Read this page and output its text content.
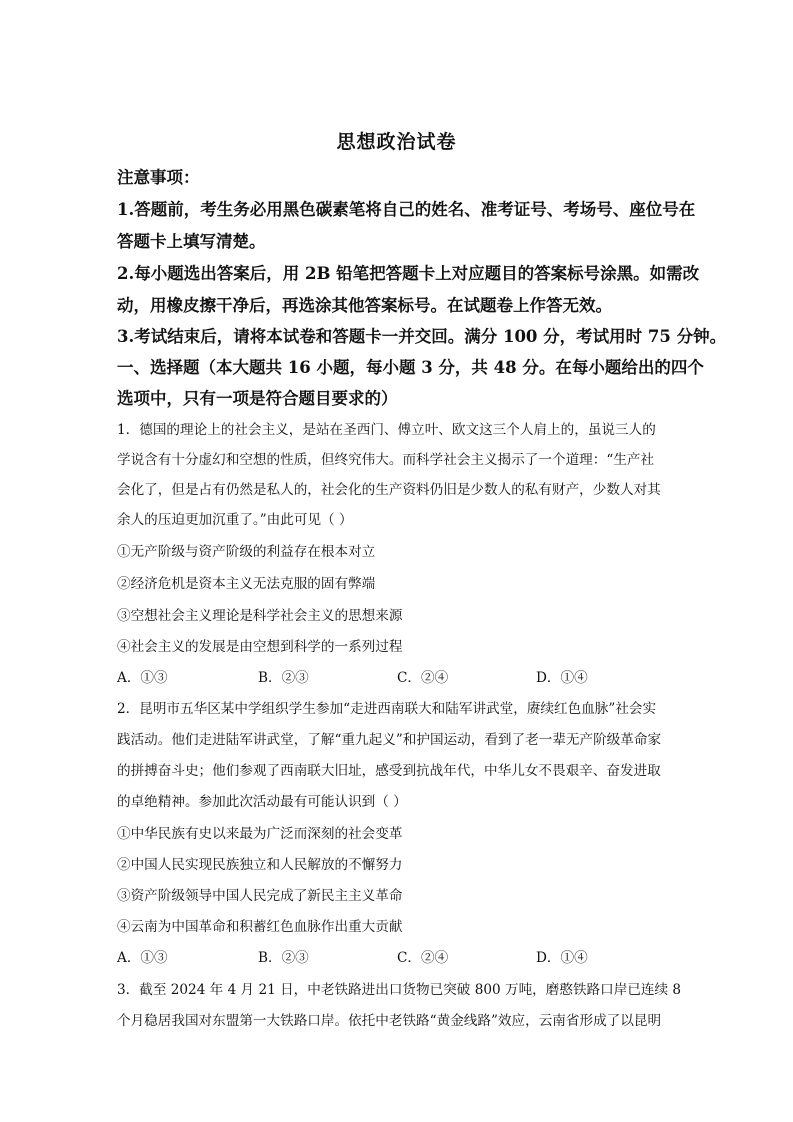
思想政治试卷
注意事项：
1.答题前，考生务必用黑色碳素笔将自己的姓名、准考证号、考场号、座位号在
答题卡上填写清楚。
2.每小题选出答案后，用 2B 铅笔把答题卡上对应题目的答案标号涂黑。如需改
动，用橡皮擦干净后，再选涂其他答案标号。在试题卷上作答无效。
3.考试结束后，请将本试卷和答题卡一并交回。满分 100 分，考试用时 75 分钟。
一、选择题（本大题共 16 小题，每小题 3 分，共 48 分。在每小题给出的四个
选项中，只有一项是符合题目要求的）
1．德国的理论上的社会主义，是站在圣西门、傅立叶、欧文这三个人肩上的，虽说三人的
学说含有十分虚幻和空想的性质，但终究伟大。而科学社会主义揭示了一个道理：“生产社
会化了，但是占有仍然是私人的，社会化的生产资料仍旧是少数人的私有财产，少数人对其
余人的压迫更加沉重了。”由此可见（ ）
①无产阶级与资产阶级的利益存在根本对立
②经济危机是资本主义无法克服的固有弊端
③空想社会主义理论是科学社会主义的思想来源
④社会主义的发展是由空想到科学的一系列过程
A．①③	B．②③	C．②④	D．①④
2．昆明市五华区某中学组织学生参加“走进西南联大和陆军讲武堂，赓续红色血脉”社会实
践活动。他们走进陆军讲武堂，了解“重九起义”和护国运动，看到了老一辈无产阶级革命家
的拼搏奋斗史；他们参观了西南联大旧址，感受到抗战年代，中华儿女不畏艰辛、奋发进取
的卓绝精神。参加此次活动最有可能认识到（ ）
①中华民族有史以来最为广泛而深刻的社会变革
②中国人民实现民族独立和人民解放的不懈努力
③资产阶级领导中国人民完成了新民主主义革命
④云南为中国革命和积蓄红色血脉作出重大贡献
A．①③	B．②③	C．②④	D．①④
3．截至 2024 年 4 月 21 日，中老铁路进出口货物已突破 800 万吨，磨憨铁路口岸已连续 8
个月稳居我国对东盟第一大铁路口岸。依托中老铁路“黄金线路”效应，云南省形成了以昆明
